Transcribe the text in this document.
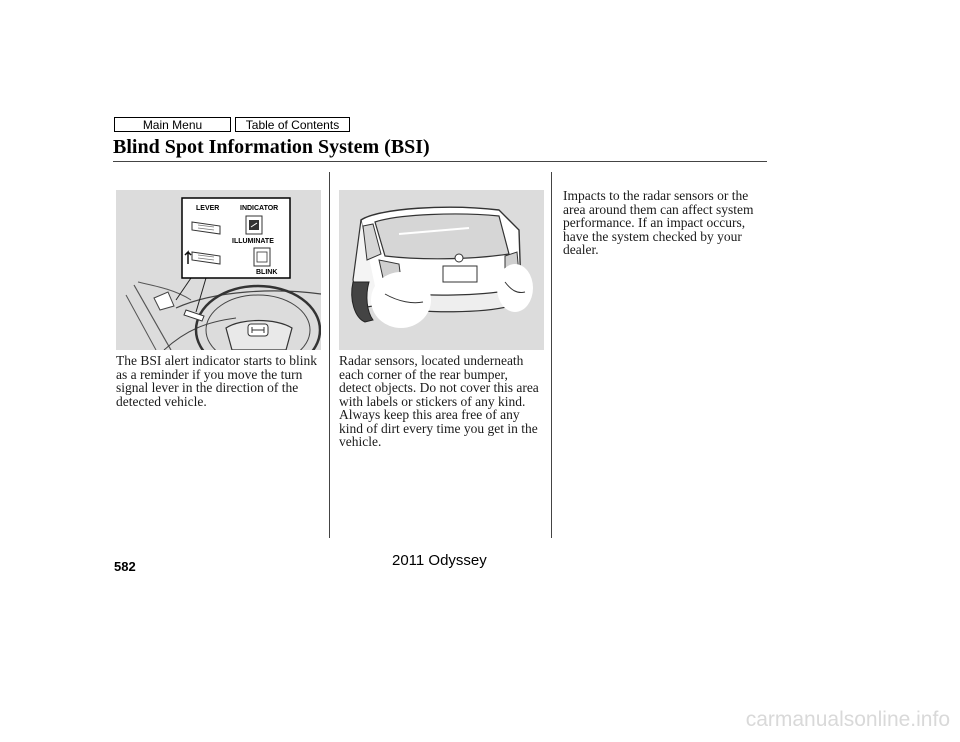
Main Menu	Table of Contents
Blind Spot Information System (BSI)
LEVER	INDICATOR
ILLUMINATE
BLINK

The BSI alert indicator starts to blink
as a reminder if you move the turn
signal lever in the direction of the
detected vehicle.

Radar sensors, located underneath
each corner of the rear bumper,
detect objects. Do not cover this area
with labels or stickers of any kind.
Always keep this area free of any
kind of dirt every time you get in the
vehicle.

Impacts to the radar sensors or the
area around them can affect system
performance. If an impact occurs,
have the system checked by your
dealer.

582	2011 Odyssey
carmanualsonline.info
